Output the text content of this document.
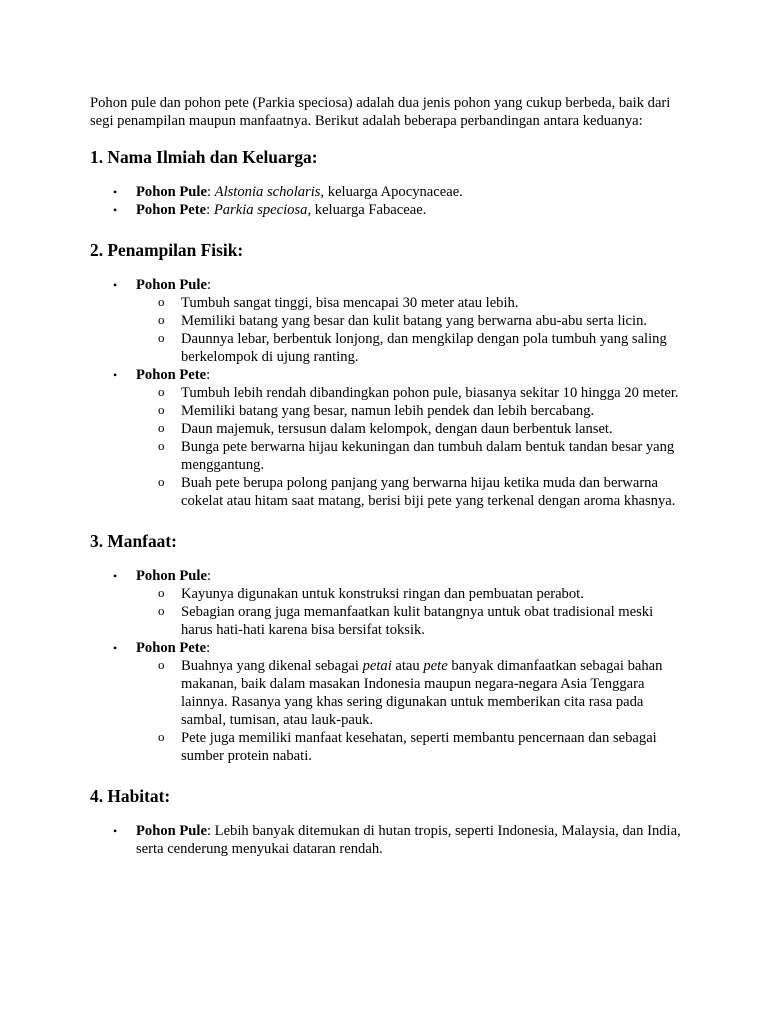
Pohon pule dan pohon pete (Parkia speciosa) adalah dua jenis pohon yang cukup berbeda, baik dari segi penampilan maupun manfaatnya. Berikut adalah beberapa perbandingan antara keduanya:

1. Nama Ilmiah dan Keluarga:
• Pohon Pule: Alstonia scholaris, keluarga Apocynaceae.
• Pohon Pete: Parkia speciosa, keluarga Fabaceae.
2. Penampilan Fisik:
• Pohon Pule:
o Tumbuh sangat tinggi, bisa mencapai 30 meter atau lebih.
o Memiliki batang yang besar dan kulit batang yang berwarna abu-abu serta licin.
o Daunnya lebar, berbentuk lonjong, dan mengkilap dengan pola tumbuh yang saling berkelompok di ujung ranting.
• Pohon Pete:
o Tumbuh lebih rendah dibandingkan pohon pule, biasanya sekitar 10 hingga 20 meter.
o Memiliki batang yang besar, namun lebih pendek dan lebih bercabang.
o Daun majemuk, tersusun dalam kelompok, dengan daun berbentuk lanset.
o Bunga pete berwarna hijau kekuningan dan tumbuh dalam bentuk tandan besar yang menggantung.
o Buah pete berupa polong panjang yang berwarna hijau ketika muda dan berwarna cokelat atau hitam saat matang, berisi biji pete yang terkenal dengan aroma khasnya.
3. Manfaat:
• Pohon Pule:
o Kayunya digunakan untuk konstruksi ringan dan pembuatan perabot.
o Sebagian orang juga memanfaatkan kulit batangnya untuk obat tradisional meski harus hati-hati karena bisa bersifat toksik.
• Pohon Pete:
o Buahnya yang dikenal sebagai petai atau pete banyak dimanfaatkan sebagai bahan makanan, baik dalam masakan Indonesia maupun negara-negara Asia Tenggara lainnya. Rasanya yang khas sering digunakan untuk memberikan cita rasa pada sambal, tumisan, atau lauk-pauk.
o Pete juga memiliki manfaat kesehatan, seperti membantu pencernaan dan sebagai sumber protein nabati.
4. Habitat:
• Pohon Pule: Lebih banyak ditemukan di hutan tropis, seperti Indonesia, Malaysia, dan India, serta cenderung menyukai dataran rendah.
